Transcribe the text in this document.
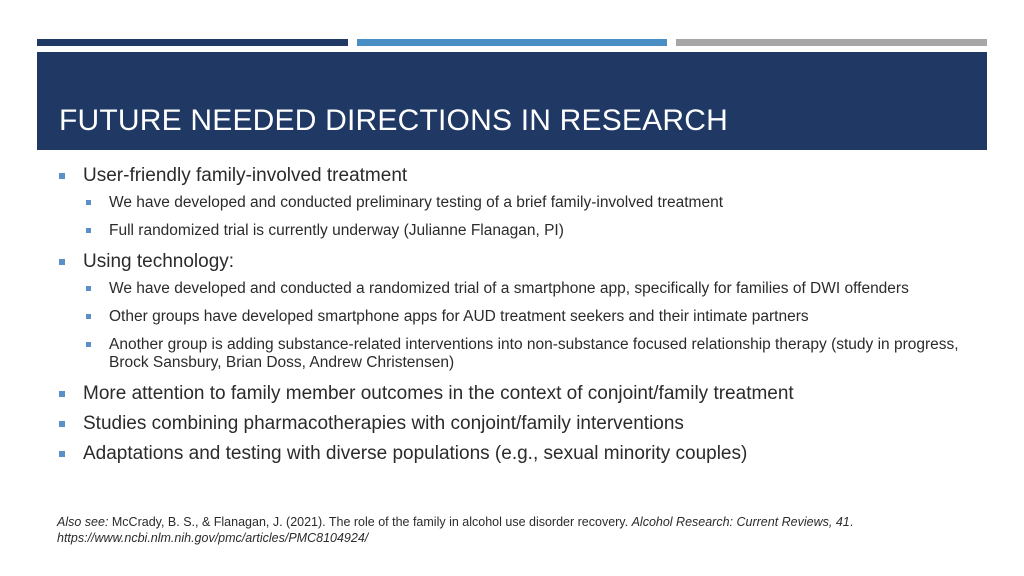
FUTURE NEEDED DIRECTIONS IN RESEARCH
User-friendly family-involved treatment
We have developed and conducted preliminary testing of a brief family-involved treatment
Full randomized trial is currently underway (Julianne Flanagan, PI)
Using technology:
We have developed and conducted a randomized trial of a smartphone app, specifically for families of DWI offenders
Other groups have developed smartphone apps for AUD treatment seekers and their intimate partners
Another group is adding substance-related interventions into non-substance focused relationship therapy (study in progress, Brock Sansbury, Brian Doss, Andrew Christensen)
More attention to family member outcomes in the context of conjoint/family treatment
Studies combining pharmacotherapies with conjoint/family interventions
Adaptations and testing with diverse populations (e.g., sexual minority couples)
Also see: McCrady, B. S., & Flanagan, J. (2021). The role of the family in alcohol use disorder recovery. Alcohol Research: Current Reviews, 41.
https://www.ncbi.nlm.nih.gov/pmc/articles/PMC8104924/
